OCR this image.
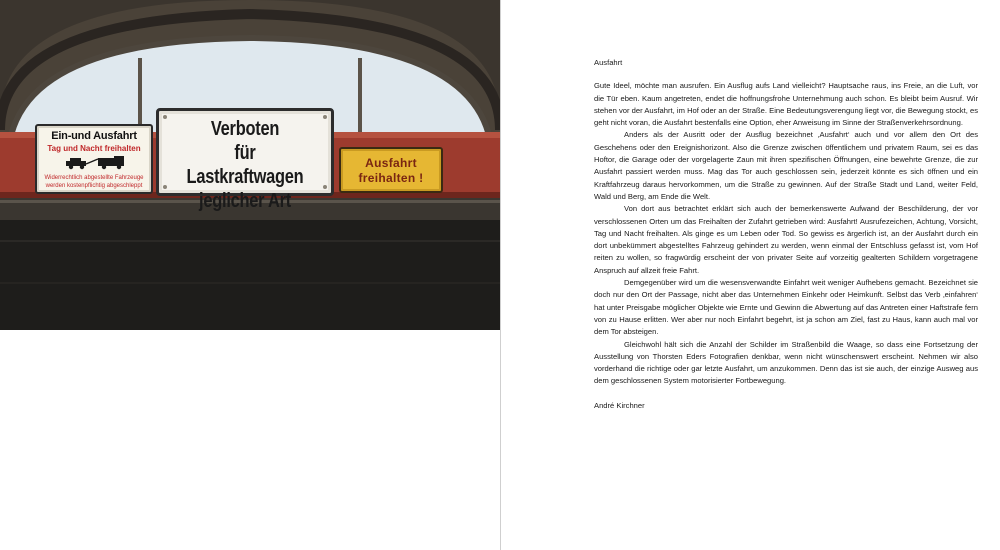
Ein-und Ausfahrt
Tag und Nacht freihalten
Widerrechtlich abgestellte Fahrzeuge
werden kostenpflichtig abgeschleppt
Verboten
für Lastkraftwagen
jeglicher Art
Ausfahrt
freihalten !

Ausfahrt

Gute Ideel, möchte man ausrufen. Ein Ausflug aufs Land vielleicht? Hauptsache raus, ins Freie, an die Luft, vor die Tür eben. Kaum angetreten, endet die hoffnungsfrohe Unternehmung auch schon. Es bleibt beim Ausruf. Wir stehen vor der Ausfahrt, im Hof oder an der Straße. Eine Bedeutungsverengung liegt vor, die Bewegung stockt, es geht nicht voran, die Ausfahrt bestenfalls eine Option, eher Anweisung im Sinne der Straßenverkehrsordnung.

Anders als der Ausritt oder der Ausflug bezeichnet ‚Ausfahrt‘ auch und vor allem den Ort des Geschehens oder den Ereignishorizont. Also die Grenze zwischen öffentlichem und privatem Raum, sei es das Hoftor, die Garage oder der vorgelagerte Zaun mit ihren spezifischen Öffnungen, eine bewehrte Grenze, die zur Ausfahrt passiert werden muss. Mag das Tor auch geschlossen sein, jederzeit könnte es sich öffnen und ein Kraftfahrzeug daraus hervorkommen, um die Straße zu gewinnen. Auf der Straße Stadt und Land, weiter Feld, Wald und Berg, am Ende die Welt.

Von dort aus betrachtet erklärt sich auch der bemerkenswerte Aufwand der Beschilderung, der vor verschlossenen Orten um das Freihalten der Zufahrt getrieben wird: Ausfahrt! Ausrufezeichen, Achtung, Vorsicht, Tag und Nacht freihalten. Als ginge es um Leben oder Tod. So gewiss es ärgerlich ist, an der Ausfahrt durch ein dort unbekümmert abgestelltes Fahrzeug gehindert zu werden, wenn einmal der Entschluss gefasst ist, vom Hof reiten zu wollen, so fragwürdig erscheint der von privater Seite auf vorzeitig gealterten Schildern vorgetragene Anspruch auf allzeit freie Fahrt.

Demgegenüber wird um die wesensverwandte Einfahrt weit weniger Aufhebens gemacht. Bezeichnet sie doch nur den Ort der Passage, nicht aber das Unternehmen Einkehr oder Heimkunft. Selbst das Verb ‚einfahren‘ hat unter Preisgabe möglicher Objekte wie Ernte und Gewinn die Abwertung auf das Antreten einer Haftstrafe fern von zu Hause erlitten. Wer aber nur noch Einfahrt begehrt, ist ja schon am Ziel, fast zu Haus, kann auch mal vor dem Tor absteigen.

Gleichwohl hält sich die Anzahl der Schilder im Straßenbild die Waage, so dass eine Fortsetzung der Ausstellung von Thorsten Eders Fotografien denkbar, wenn nicht wünschenswert erscheint. Nehmen wir also vorderhand die richtige oder gar letzte Ausfahrt, um anzukommen. Denn das ist sie auch, der einzige Ausweg aus dem geschlossenen System motorisierter Fortbewegung.

André Kirchner
